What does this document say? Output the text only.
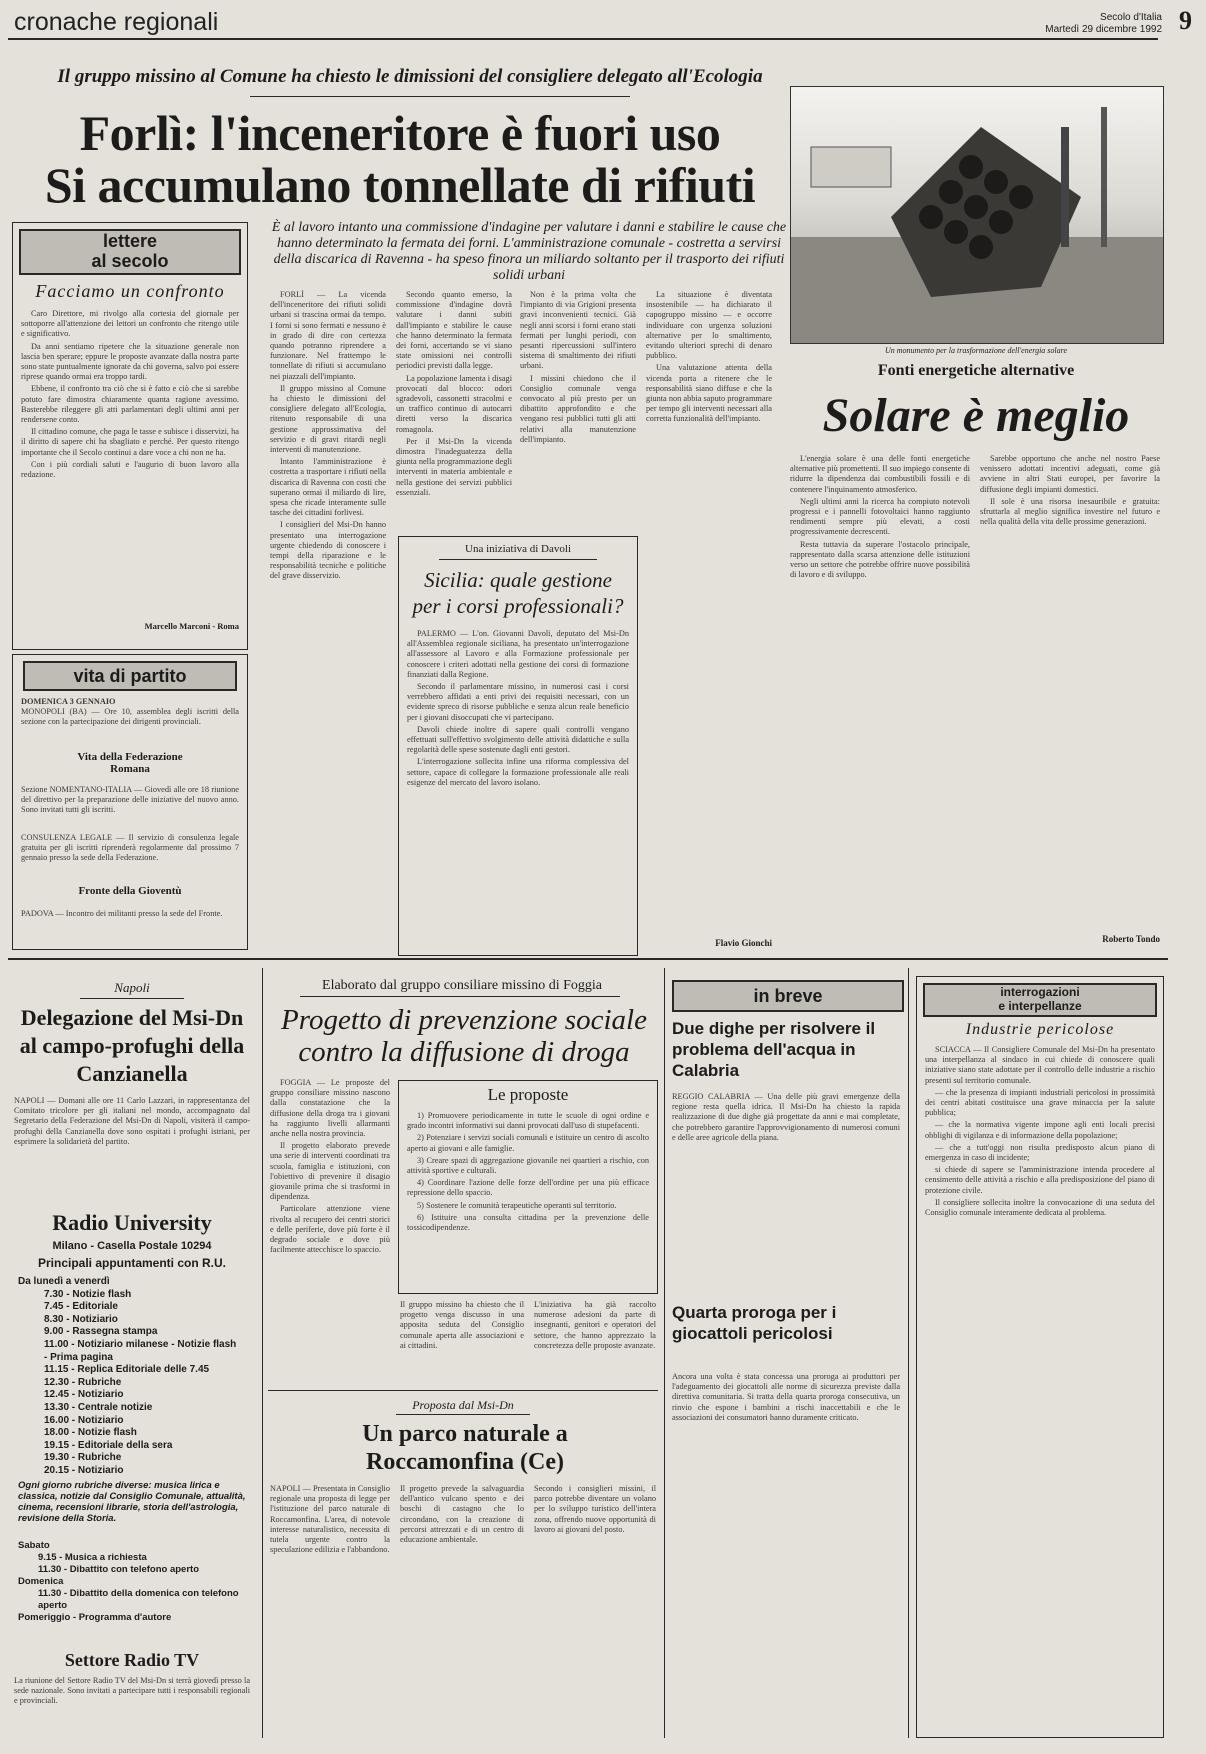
cronache regionali	Secolo d'Italia
Martedì 29 dicembre 1992 9
Il gruppo missino al Comune ha chiesto le dimissioni del consigliere delegato all'Ecologia
Forlì: l'inceneritore è fuori uso
Si accumulano tonnellate di rifiuti
È al lavoro intanto una commissione d'indagine per valutare i danni e stabilire le cause che hanno determinato la fermata dei forni. L'amministrazione comunale - costretta a servirsi della discarica di Ravenna - ha speso finora un miliardo soltanto per il trasporto dei rifiuti solidi urbani

FORLÌ — La vicenda dell'inceneritore dei rifiuti solidi urbani si trascina ormai da tempo. I forni si sono fermati e nessuno è in grado di dire con certezza quando potranno riprendere a funzionare. Nel frattempo le tonnellate di rifiuti si accumulano nei piazzali dell'impianto.

Il gruppo missino al Comune ha chiesto le dimissioni del consigliere delegato all'Ecologia, ritenuto responsabile di una gestione approssimativa del servizio e di gravi ritardi negli interventi di manutenzione.

Intanto l'amministrazione è costretta a trasportare i rifiuti nella discarica di Ravenna con costi che superano ormai il miliardo di lire, spesa che ricade interamente sulle tasche dei cittadini forlivesi.

I consiglieri del Msi-Dn hanno presentato una interrogazione urgente chiedendo di conoscere i tempi della riparazione e le responsabilità tecniche e politiche del grave disservizio.

Secondo quanto emerso, la commissione d'indagine dovrà valutare i danni subiti dall'impianto e stabilire le cause che hanno determinato la fermata dei forni, accertando se vi siano state omissioni nei controlli periodici previsti dalla legge.

La popolazione lamenta i disagi provocati dal blocco: odori sgradevoli, cassonetti stracolmi e un traffico continuo di autocarri diretti verso la discarica romagnola.

Per il Msi-Dn la vicenda dimostra l'inadeguatezza della giunta nella programmazione degli interventi in materia ambientale e nella gestione dei servizi pubblici essenziali.

Non è la prima volta che l'impianto di via Grigioni presenta gravi inconvenienti tecnici. Già negli anni scorsi i forni erano stati fermati per lunghi periodi, con pesanti ripercussioni sull'intero sistema di smaltimento dei rifiuti urbani.

I missini chiedono che il Consiglio comunale venga convocato al più presto per un dibattito approfondito e che vengano resi pubblici tutti gli atti relativi alla manutenzione dell'impianto.

La situazione è diventata insostenibile — ha dichiarato il capogruppo missino — e occorre individuare con urgenza soluzioni alternative per lo smaltimento, evitando ulteriori sprechi di denaro pubblico.

Una valutazione attenta della vicenda porta a ritenere che le responsabilità siano diffuse e che la giunta non abbia saputo programmare per tempo gli interventi necessari alla corretta funzionalità dell'impianto.

Una iniziativa di Davoli
Sicilia: quale gestione
per i corsi professionali?

PALERMO — L'on. Giovanni Davoli, deputato del Msi-Dn all'Assemblea regionale siciliana, ha presentato un'interrogazione all'assessore al Lavoro e alla Formazione professionale per conoscere i criteri adottati nella gestione dei corsi di formazione finanziati dalla Regione.

Secondo il parlamentare missino, in numerosi casi i corsi verrebbero affidati a enti privi dei requisiti necessari, con un evidente spreco di risorse pubbliche e senza alcun reale beneficio per i giovani disoccupati che vi partecipano.

Davoli chiede inoltre di sapere quali controlli vengano effettuati sull'effettivo svolgimento delle attività didattiche e sulla regolarità delle spese sostenute dagli enti gestori.

L'interrogazione sollecita infine una riforma complessiva del settore, capace di collegare la formazione professionale alle reali esigenze del mercato del lavoro isolano.

Flavio Gionchi
lettere
al secolo
Facciamo un confronto

Caro Direttore, mi rivolgo alla cortesia del giornale per sottoporre all'attenzione dei lettori un confronto che ritengo utile e significativo.

Da anni sentiamo ripetere che la situazione generale non lascia ben sperare; eppure le proposte avanzate dalla nostra parte sono state puntualmente ignorate da chi governa, salvo poi essere riprese quando ormai era troppo tardi.

Ebbene, il confronto tra ciò che si è fatto e ciò che si sarebbe potuto fare dimostra chiaramente quanta ragione avessimo. Basterebbe rileggere gli atti parlamentari degli ultimi anni per rendersene conto.

Il cittadino comune, che paga le tasse e subisce i disservizi, ha il diritto di sapere chi ha sbagliato e perché. Per questo ritengo importante che il Secolo continui a dare voce a chi non ne ha.

Con i più cordiali saluti e l'augurio di buon lavoro alla redazione.

Marcello Marconi - Roma
vita di partito
DOMENICA 3 GENNAIO
MONOPOLI (BA) — Ore 10, assemblea degli iscritti della sezione con la partecipazione dei dirigenti provinciali.
Vita della Federazione Romana
Sezione NOMENTANO-ITALIA — Giovedì alle ore 18 riunione del direttivo per la preparazione delle iniziative del nuovo anno. Sono invitati tutti gli iscritti.
CONSULENZA LEGALE — Il servizio di consulenza legale gratuita per gli iscritti riprenderà regolarmente dal prossimo 7 gennaio presso la sede della Federazione.
Fronte della Gioventù
PADOVA — Incontro dei militanti presso la sede del Fronte.
Un monumento per la trasformazione dell'energia solare
Fonti energetiche alternative
Solare è meglio

L'energia solare è una delle fonti energetiche alternative più promettenti. Il suo impiego consente di ridurre la dipendenza dai combustibili fossili e di contenere l'inquinamento atmosferico.

Negli ultimi anni la ricerca ha compiuto notevoli progressi e i pannelli fotovoltaici hanno raggiunto rendimenti sempre più elevati, a costi progressivamente decrescenti.

Resta tuttavia da superare l'ostacolo principale, rappresentato dalla scarsa attenzione delle istituzioni verso un settore che potrebbe offrire nuove possibilità di lavoro e di sviluppo.

Sarebbe opportuno che anche nel nostro Paese venissero adottati incentivi adeguati, come già avviene in altri Stati europei, per favorire la diffusione degli impianti domestici.

Il sole è una risorsa inesauribile e gratuita: sfruttarla al meglio significa investire nel futuro e nella qualità della vita delle prossime generazioni.

Roberto Tondo
Napoli
Delegazione del Msi-Dn al campo-profughi della Canzianella
NAPOLI — Domani alle ore 11 Carlo Lazzari, in rappresentanza del Comitato tricolore per gli italiani nel mondo, accompagnato dal Segretario della Federazione del Msi-Dn di Napoli, visiterà il campo-profughi della Canzianella dove sono ospitati i profughi istriani, per esprimere la solidarietà del partito.
Radio University
Milano - Casella Postale 10294
Principali appuntamenti con R.U.
Da lunedì a venerdì
7.30 - Notizie flash
7.45 - Editoriale
8.30 - Notiziario
9.00 - Rassegna stampa
11.00 - Notiziario milanese - Notizie flash
- Prima pagina
11.15 - Replica Editoriale delle 7.45
12.30 - Rubriche
12.45 - Notiziario
13.30 - Centrale notizie
16.00 - Notiziario
18.00 - Notizie flash
19.15 - Editoriale della sera
19.30 - Rubriche
20.15 - Notiziario
Ogni giorno rubriche diverse: musica lirica e classica, notizie dal Consiglio Comunale, attualità, cinema, recensioni librarie, storia dell'astrologia, revisione della Storia.
Sabato
9.15 - Musica a richiesta
11.30 - Dibattito con telefono aperto
Domenica
11.30 - Dibattito della domenica con telefono aperto
Pomeriggio - Programma d'autore
Settore Radio TV
La riunione del Settore Radio TV del Msi-Dn si terrà giovedì presso la sede nazionale. Sono invitati a partecipare tutti i responsabili regionali e provinciali.
Elaborato dal gruppo consiliare missino di Foggia
Progetto di prevenzione sociale
contro la diffusione di droga

FOGGIA — Le proposte del gruppo consiliare missino nascono dalla constatazione che la diffusione della droga tra i giovani ha raggiunto livelli allarmanti anche nella nostra provincia.

Il progetto elaborato prevede una serie di interventi coordinati tra scuola, famiglia e istituzioni, con l'obiettivo di prevenire il disagio giovanile prima che si trasformi in dipendenza.

Particolare attenzione viene rivolta al recupero dei centri storici e delle periferie, dove più forte è il degrado sociale e dove più facilmente attecchisce lo spaccio.

Le proposte

1) Promuovere periodicamente in tutte le scuole di ogni ordine e grado incontri informativi sui danni provocati dall'uso di stupefacenti.

2) Potenziare i servizi sociali comunali e istituire un centro di ascolto aperto ai giovani e alle famiglie.

3) Creare spazi di aggregazione giovanile nei quartieri a rischio, con attività sportive e culturali.

4) Coordinare l'azione delle forze dell'ordine per una più efficace repressione dello spaccio.

5) Sostenere le comunità terapeutiche operanti sul territorio.

6) Istituire una consulta cittadina per la prevenzione delle tossicodipendenze.

Il gruppo missino ha chiesto che il progetto venga discusso in una apposita seduta del Consiglio comunale aperta alle associazioni e ai cittadini.
L'iniziativa ha già raccolto numerose adesioni da parte di insegnanti, genitori e operatori del settore, che hanno apprezzato la concretezza delle proposte avanzate.
Proposta dal Msi-Dn
Un parco naturale a Roccamonfina (Ce)
NAPOLI — Presentata in Consiglio regionale una proposta di legge per l'istituzione del parco naturale di Roccamonfina. L'area, di notevole interesse naturalistico, necessita di tutela urgente contro la speculazione edilizia e l'abbandono.
Il progetto prevede la salvaguardia dell'antico vulcano spento e dei boschi di castagno che lo circondano, con la creazione di percorsi attrezzati e di un centro di educazione ambientale.
Secondo i consiglieri missini, il parco potrebbe diventare un volano per lo sviluppo turistico dell'intera zona, offrendo nuove opportunità di lavoro ai giovani del posto.
in breve
Due dighe per risolvere il problema dell'acqua in Calabria
REGGIO CALABRIA — Una delle più gravi emergenze della regione resta quella idrica. Il Msi-Dn ha chiesto la rapida realizzazione di due dighe già progettate da anni e mai completate, che potrebbero garantire l'approvvigionamento di numerosi comuni e delle aree agricole della piana.
Quarta proroga per i giocattoli pericolosi
Ancora una volta è stata concessa una proroga ai produttori per l'adeguamento dei giocattoli alle norme di sicurezza previste dalla direttiva comunitaria. Si tratta della quarta proroga consecutiva, un rinvio che espone i bambini a rischi inaccettabili e che le associazioni dei consumatori hanno duramente criticato.
interrogazioni
e interpellanze
Industrie pericolose

SCIACCA — Il Consigliere Comunale del Msi-Dn ha presentato una interpellanza al sindaco in cui chiede di conoscere quali iniziative siano state adottate per il controllo delle industrie a rischio presenti sul territorio comunale.

— che la presenza di impianti industriali pericolosi in prossimità dei centri abitati costituisce una grave minaccia per la salute pubblica;

— che la normativa vigente impone agli enti locali precisi obblighi di vigilanza e di informazione della popolazione;

— che a tutt'oggi non risulta predisposto alcun piano di emergenza in caso di incidente;

si chiede di sapere se l'amministrazione intenda procedere al censimento delle attività a rischio e alla predisposizione del piano di protezione civile.

Il consigliere sollecita inoltre la convocazione di una seduta del Consiglio comunale interamente dedicata al problema.
